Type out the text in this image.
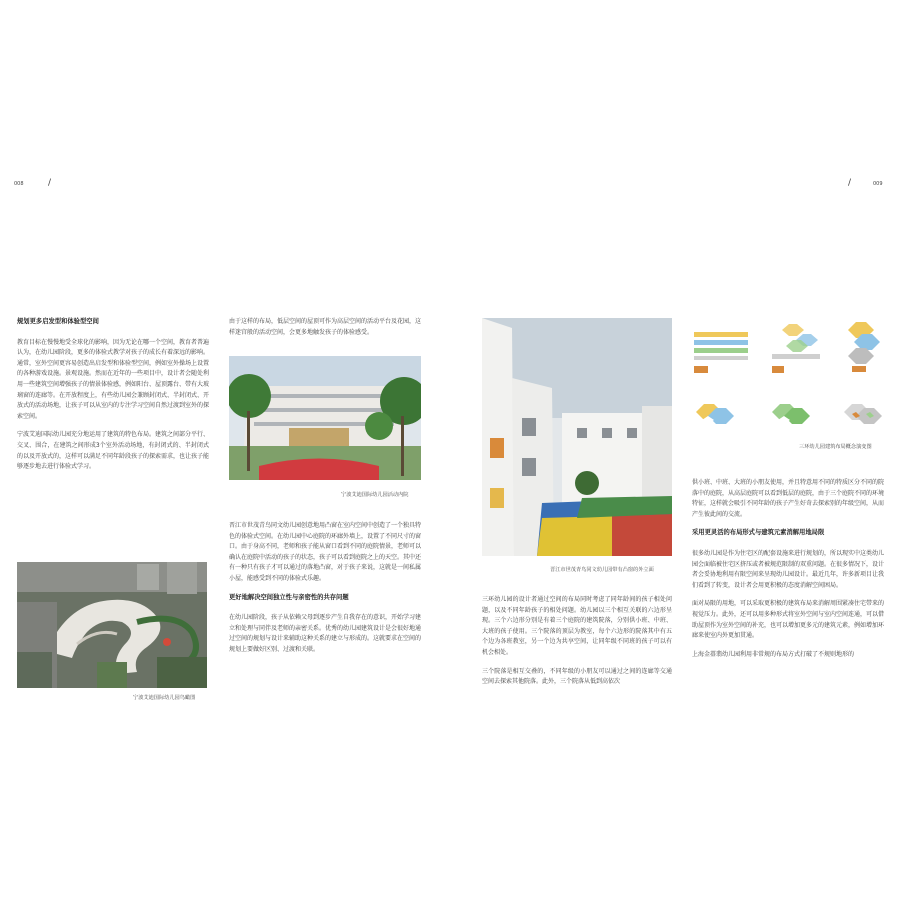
008	/	/	009
规划更多启发型和体验型空间

教育目标在慢慢地受全球化的影响，因为无论在哪一个空间，教育者普遍认为，在幼儿园阶段，更多的体验式教学对孩子的成长有着深远的影响。通常，室外空间更容易创造出启发型和体验型空间，例如室外操场上设置的各种游戏设施。景观设施。然而在近年的一些项目中，设计者会随处利用一些建筑空间增强孩子的情景体验感，例如阳台、屋顶露台、带有大玻璃窗的连廊等。在开放程度上，有些幼儿园会兼顾封闭式、半封闭式、开放式的活动场地，让孩子可以从室内的专注学习空间自然过渡到室外的探索空间。

宁波艾迪国际幼儿园充分地运用了建筑的特色布局。建筑之间部分平行、交叉、围合，在建筑之间形成3个室外活动场地，有封闭式的、半封闭式的以及开放式的，这样可以满足不同年龄段孩子的探索需求，也让孩子能够逐步地去进行体验式学习。

宁波艾迪国际幼儿园鸟瞰图

由于这样的布局，低层空间的屋顶可作为高层空间的活动平台及花园，这样迷宫般的活动空间，会更多地触发孩子的体验感受。

宁波艾迪国际幼儿园活动内院

晋江市世茂青鸟同文幼儿园创意地用凸窗在室内空间中创造了一个独具特色的体验式空间。在幼儿园中心庭院的环廊外墙上，设置了不同尺寸的窗口。由于身高不同，老师和孩子能从窗口看到不同的庭院情景，老师可以确认在庭院中活动的孩子的状态，孩子可以看到庭院之上的天空。其中还有一种只有孩子才可以通过的落地凸窗，对于孩子来说，这就是一间私属小屋，能感受到不同的体验式乐趣。

更好地解决空间独立性与亲密性的共存问题

在幼儿园阶段，孩子从依赖父母到逐步产生自我存在的意识，开始学习建立和处理与同伴及老师的亲密关系。优秀的幼儿园建筑设计是会很好地通过空间的规划与设计来辅助这种关系的建立与形成的。这就要求在空间的规划上要做好区别、过渡和关联。

晋江市世茂青鸟同文幼儿园带有凸窗的外立面

三环幼儿园的设计者通过空间的布局同时考虑了同年龄间的孩子相处问题，以及不同年龄孩子的相处问题。幼儿园以三个相互关联的六边形呈现。三个六边形分别是有着三个庭院的建筑院落，分别供小班、中班、大班的孩子使用。三个院落的顶层为教室，每个六边形的院落其中有五个边为各班教室，另一个边为共享空间，让同年级不同班的孩子可以有机会相处。

三个院落是相互交叠的，不同年级的小朋友可以通过之间的连廊等交通空间去探索其他院落。此外，三个院落从低到高依次

三环幼儿园建筑布局概念演变图

供小班、中班、大班的小朋友使用，并且特意用不同的特质区分不同的院落中的庭院，从高层庭院可以看到低层的庭院，由于三个庭院不同的环境特征，这样就会吸引不同年龄的孩子产生好奇去探索别的年级空间，从而产生彼此间的交流。

采用更灵活的布局形式与建筑元素消解用地局限

很多幼儿园是作为住宅区的配套设施来进行规划的，所以现实中这类幼儿园会面临被住宅区挤压或者被规范限制的双重问题。在很多情况下，设计者会妥协地利用有限空间来呈现幼儿园设计。最近几年，许多新项目让我们看到了转变，设计者会用更积极的态度消解空间困局。

面对局限的用地，可以采取更积极的建筑布局来消解周围紧凑住宅带来的视觉压力。此外，还可以用多种形式将室外空间与室内空间连通，可以借助屋顶作为室外空间的补充，也可以增加更多元的建筑元素，例如增加环廊来使室内外更加贯通。

上海金薹翡幼儿园利用非常规的布局方式打破了不规则地形的
